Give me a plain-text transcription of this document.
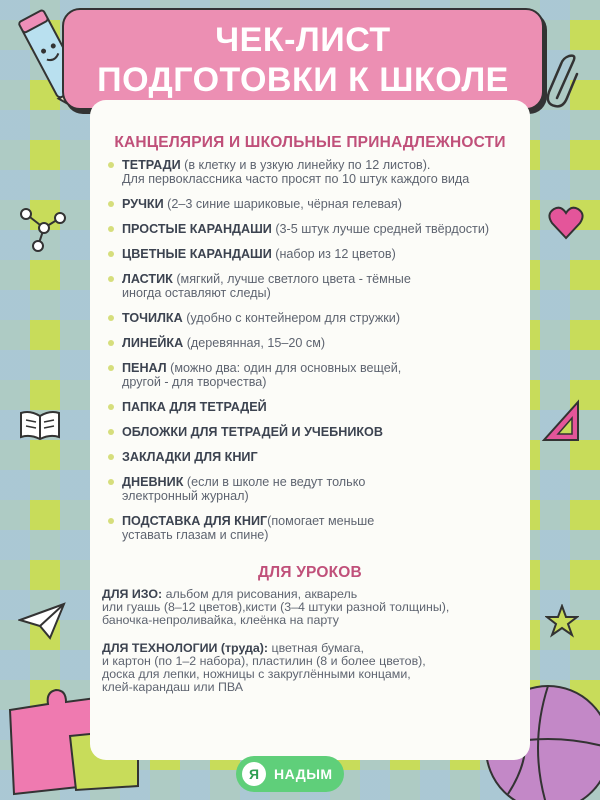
ЧЕК-ЛИСТ
ПОДГОТОВКИ К ШКОЛЕ
КАНЦЕЛЯРИЯ И ШКОЛЬНЫЕ ПРИНАДЛЕЖНОСТИ
ТЕТРАДИ (в клетку и в узкую линейку по 12 листов).
Для первоклассника часто просят по 10 штук каждого вида
РУЧКИ (2–3 синие шариковые, чёрная гелевая)
ПРОСТЫЕ КАРАНДАШИ (3-5 штук лучше средней твёрдости)
ЦВЕТНЫЕ КАРАНДАШИ (набор из 12 цветов)
ЛАСТИК (мягкий, лучше светлого цвета - тёмные
иногда оставляют следы)
ТОЧИЛКА (удобно с контейнером для стружки)
ЛИНЕЙКА (деревянная, 15–20 см)
ПЕНАЛ (можно два: один для основных вещей,
другой - для творчества)
ПАПКА ДЛЯ ТЕТРАДЕЙ
ОБЛОЖКИ ДЛЯ ТЕТРАДЕЙ И УЧЕБНИКОВ
ЗАКЛАДКИ ДЛЯ КНИГ
ДНЕВНИК (если в школе не ведут только
электронный журнал)
ПОДСТАВКА ДЛЯ КНИГ(помогает меньше
уставать глазам и спине)
ДЛЯ УРОКОВ
ДЛЯ ИЗО: альбом для рисования, акварель
или гуашь (8–12 цветов),кисти (3–4 штуки разной толщины),
баночка-непроливайка, клеёнка на парту
ДЛЯ ТЕХНОЛОГИИ (труда): цветная бумага,
и картон (по 1–2 набора), пластилин (8 и более цветов),
доска для лепки, ножницы с закруглёнными концами,
клей-карандаш или ПВА
Я	НАДЫМ
